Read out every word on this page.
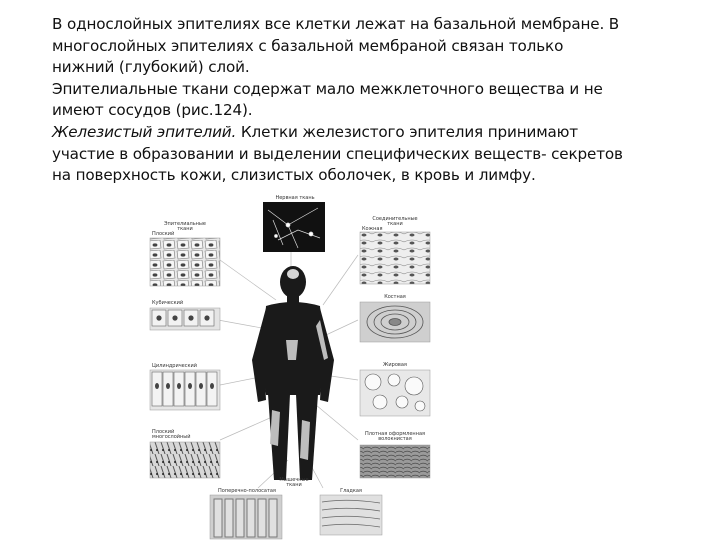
В однослойных эпителиях все клетки лежат на базальной мембране. В
многослойных эпителиях с базальной мембраной связан только
нижний (глубокий) слой.

Эпителиальные ткани содержат мало межклеточного вещества и не
имеют сосудов (рис.124).

Железистый эпителий. Клетки железистого эпителия принимают
участие в образовании и выделении специфических веществ- секретов
на поверхность кожи, слизистых оболочек, в кровь и лимфу.

Нервная ткань
Эпителиальные
ткани
Плоский
Кубический
Цилиндрический
Плоский
многослойный
Соединительные
ткани
Кожная
Костная
Жировая
Плотная оформленная
волокнистая
Мышечные
ткани
Поперечно-полосатая	Гладкая
